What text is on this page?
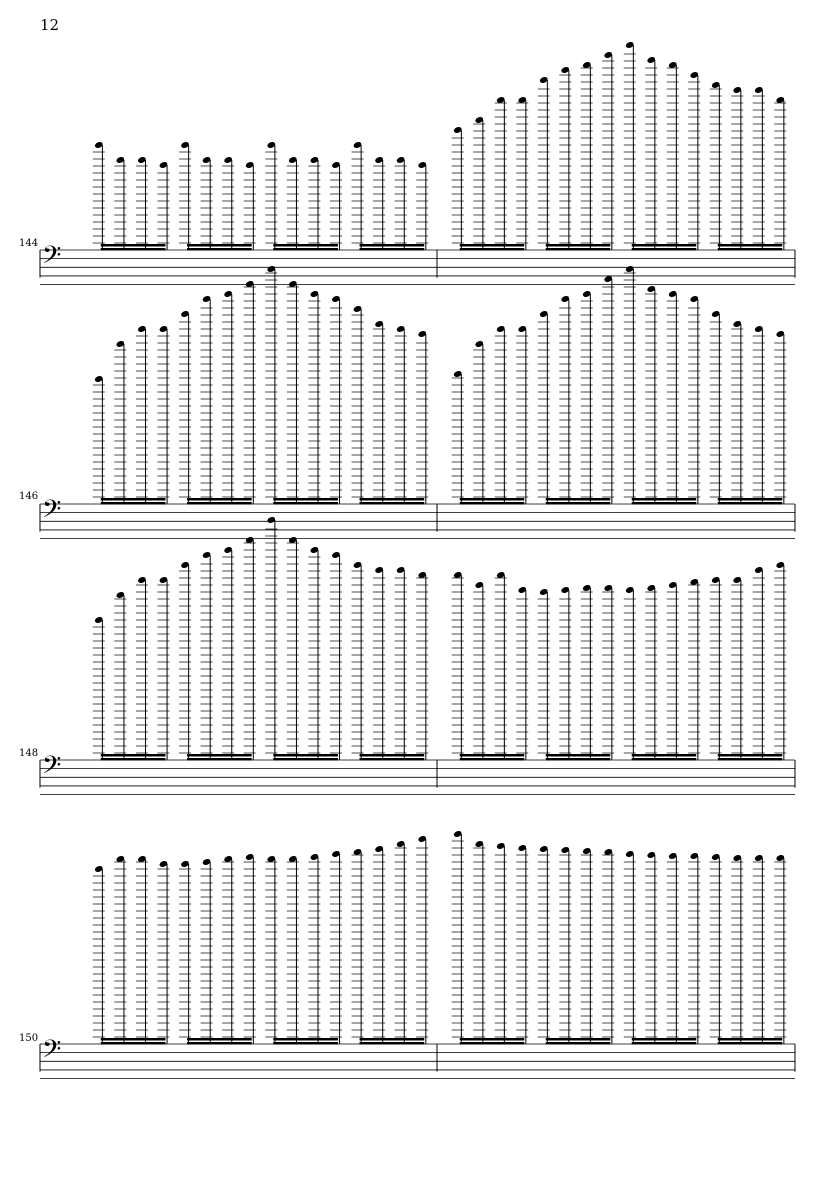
12
144
146
148
150
𝄢
𝄢
𝄢
𝄢
